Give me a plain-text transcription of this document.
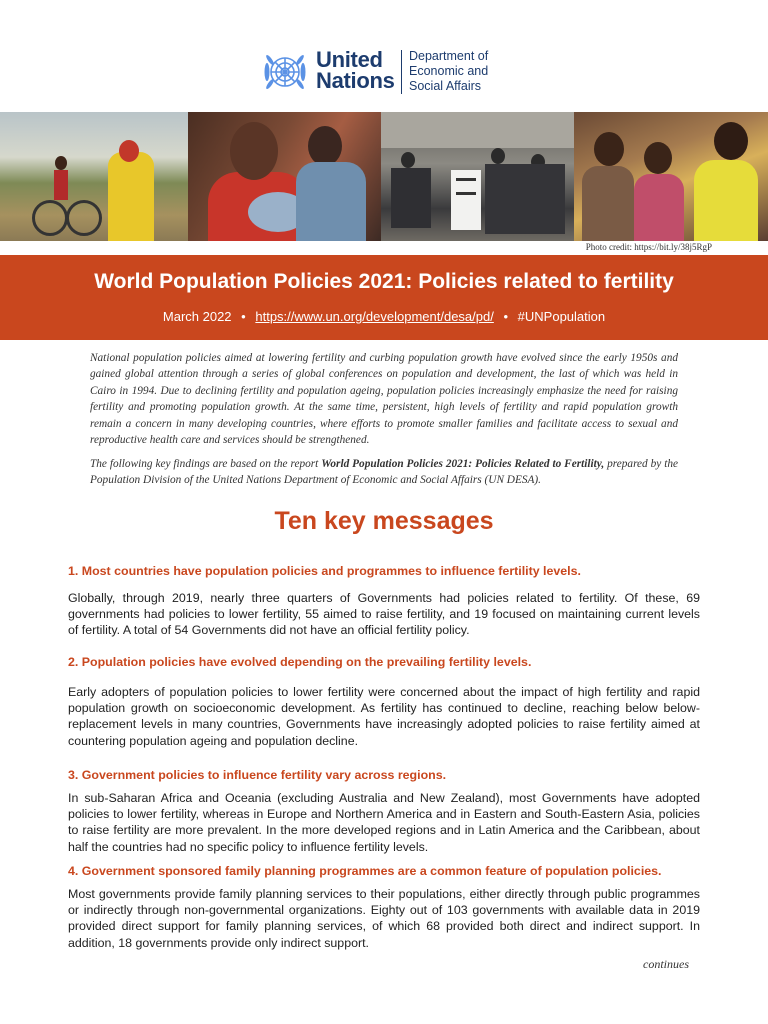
United
Nations
Department of
Economic and
Social Affairs
Photo credit: https://bit.ly/38j5RgP
World Population Policies 2021: Policies related to fertility
March 2022 • https://www.un.org/development/desa/pd/ • #UNPopulation

National population policies aimed at lowering fertility and curbing population growth have evolved since the early 1950s and gained global attention through a series of global conferences on population and development, the last of which was held in Cairo in 1994. Due to declining fertility and population ageing, population policies increasingly emphasize the need for raising fertility and promoting population growth. At the same time, persistent, high levels of fertility and rapid population growth remain a concern in many developing countries, where efforts to promote smaller families and facilitate access to sexual and reproductive health care and services should be strengthened.

The following key findings are based on the report World Population Policies 2021: Policies Related to Fertility, prepared by the Population Division of the United Nations Department of Economic and Social Affairs (UN DESA).

Ten key messages

1. Most countries have population policies and programmes to influence fertility levels.

Globally, through 2019, nearly three quarters of Governments had policies related to fertility. Of these, 69 governments had policies to lower fertility, 55 aimed to raise fertility, and 19 focused on maintaining current levels of fertility. A total of 54 Governments did not have an official fertility policy.

2. Population policies have evolved depending on the prevailing fertility levels.

Early adopters of population policies to lower fertility were concerned about the impact of high fertility and rapid population growth on socioeconomic development. As fertility has continued to decline, reaching below below-replacement levels in many countries, Governments have increasingly adopted policies to raise fertility aimed at countering population ageing and population decline.

3. Government policies to influence fertility vary across regions.

In sub-Saharan Africa and Oceania (excluding Australia and New Zealand), most Governments have adopted policies to lower fertility, whereas in Europe and Northern America and in Eastern and South-Eastern Asia, policies to raise fertility are more prevalent. In the more developed regions and in Latin America and the Caribbean, about half the countries had no specific policy to influence fertility levels.

4. Government sponsored family planning programmes are a common feature of population policies.

Most governments provide family planning services to their populations, either directly through public programmes or indirectly through non-governmental organizations. Eighty out of 103 governments with available data in 2019 provided direct support for family planning services, of which 68 provided both direct and indirect support. In addition, 18 governments provide only indirect support.

continues
